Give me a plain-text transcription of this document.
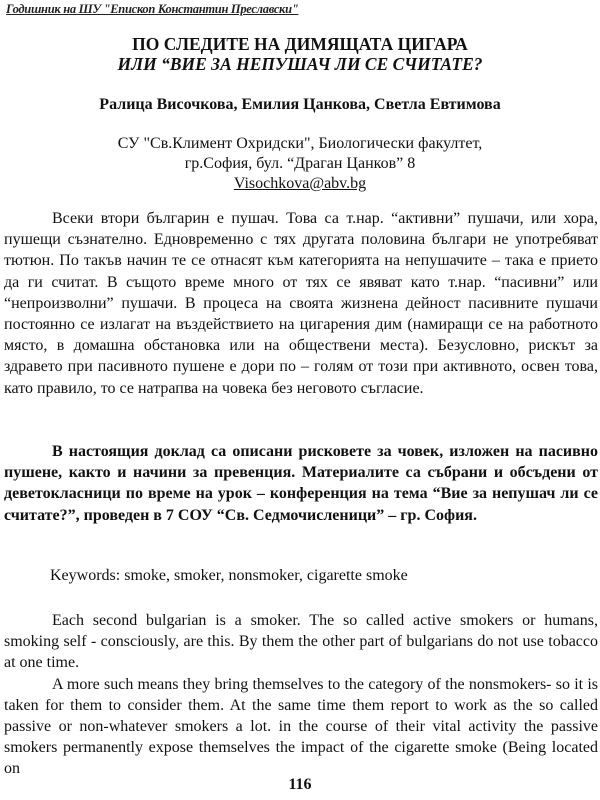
Годишник на ШУ "Епископ Константин Преславски"
ПО СЛЕДИТЕ НА ДИМЯЩАТА ЦИГАРА
ИЛИ “ВИЕ ЗА НЕПУШАЧ ЛИ СЕ СЧИТАТЕ?
Ралица Височкова, Емилия Цанкова, Светла Евтимова
СУ "Св.Климент Охридски", Биологически факултет,
гр.София, бул. “Драган Цанков” 8
Visochkova@abv.bg

Всеки втори българин е пушач. Това са т.нар. “активни” пушачи, или хора, пушещи съзнателно. Едновременно с тях другата половина българи не употребяват тютюн. По такъв начин те се отнасят към категорията на непушачите – така е прието да ги считат. В същото време много от тях се явяват като т.нар. “пасивни” или “непроизволни” пушачи. В процеса на своята жизнена дейност пасивните пушачи постоянно се излагат на въздействието на цигарения дим (намиращи се на работното място, в домашна обстановка или на обществени места). Безусловно, рискът за здравето при пасивното пушене е дори по – голям от този при активното, освен това, като правило, то се натрапва на човека без неговото съгласие.

В настоящия доклад са описани рисковете за човек, изложен на пасивно пушене, както и начини за превенция. Материалите са събрани и обсъдени от деветокласници по време на урок – конференция на тема “Вие за непушач ли се считате?”, проведен в 7 СОУ “Св. Седмочисленици” – гр. София.

Keywords: smoke, smoker, nonsmoker, cigarette smoke

Each second bulgarian is a smoker. The so called active smokers or humans, smoking self - consciously, are this. By them the other part of bulgarians do not use tobacco at one time.

A more such means they bring themselves to the category of the nonsmokers- so it is taken for them to consider them. At the same time them report to work as the so called passive or non-whatever smokers a lot. in the course of their vital activity the passive smokers permanently expose themselves the impact of the cigarette smoke (Being located on

116
